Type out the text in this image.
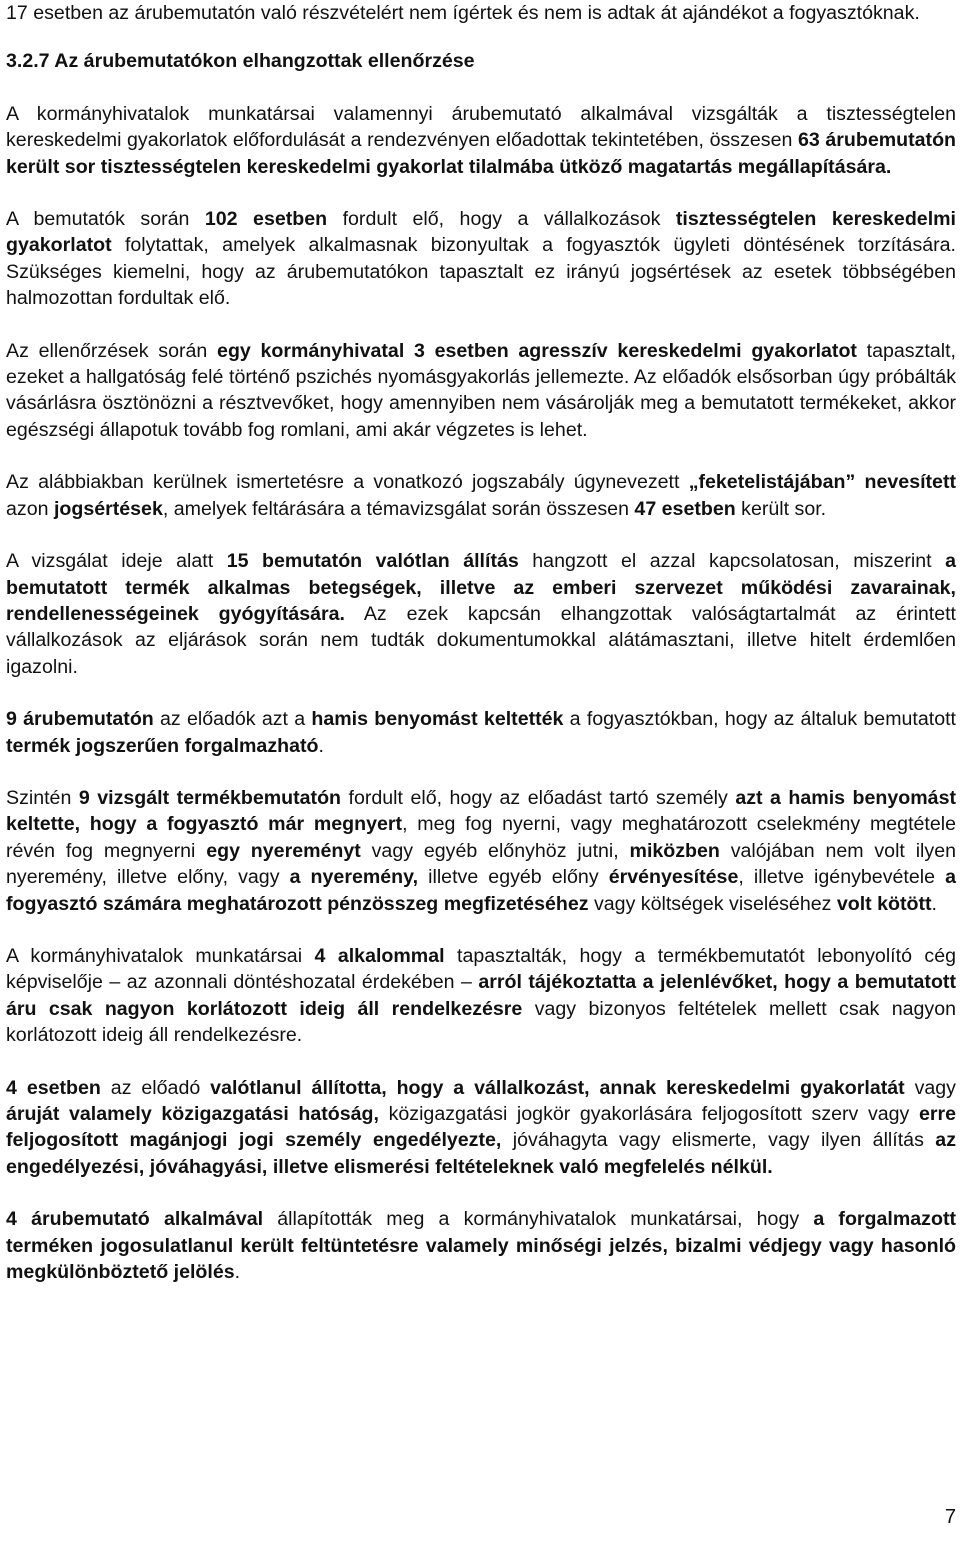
17 esetben az árubemutatón való részvételért nem ígértek és nem is adtak át ajándékot a fogyasztóknak.

3.2.7 Az árubemutatókon elhangzottak ellenőrzése

A kormányhivatalok munkatársai valamennyi árubemutató alkalmával vizsgálták a tisztességtelen kereskedelmi gyakorlatok előfordulását a rendezvényen előadottak tekintetében, összesen 63 árubemutatón került sor tisztességtelen kereskedelmi gyakorlat tilalmába ütköző magatartás megállapítására.

A bemutatók során 102 esetben fordult elő, hogy a vállalkozások tisztességtelen kereskedelmi gyakorlatot folytattak, amelyek alkalmasnak bizonyultak a fogyasztók ügyleti döntésének torzítására. Szükséges kiemelni, hogy az árubemutatókon tapasztalt ez irányú jogsértések az esetek többségében halmozottan fordultak elő.

Az ellenőrzések során egy kormányhivatal 3 esetben agresszív kereskedelmi gyakorlatot tapasztalt, ezeket a hallgatóság felé történő pszichés nyomásgyakorlás jellemezte. Az előadók elsősorban úgy próbálták vásárlásra ösztönözni a résztvevőket, hogy amennyiben nem vásárolják meg a bemutatott termékeket, akkor egészségi állapotuk tovább fog romlani, ami akár végzetes is lehet.

Az alábbiakban kerülnek ismertetésre a vonatkozó jogszabály úgynevezett „feketelistájában” nevesített azon jogsértések, amelyek feltárására a témavizsgálat során összesen 47 esetben került sor.

A vizsgálat ideje alatt 15 bemutatón valótlan állítás hangzott el azzal kapcsolatosan, miszerint a bemutatott termék alkalmas betegségek, illetve az emberi szervezet működési zavarainak, rendellenességeinek gyógyítására. Az ezek kapcsán elhangzottak valóságtartalmát az érintett vállalkozások az eljárások során nem tudták dokumentumokkal alátámasztani, illetve hitelt érdemlően igazolni.

9 árubemutatón az előadók azt a hamis benyomást keltették a fogyasztókban, hogy az általuk bemutatott termék jogszerűen forgalmazható.

Szintén 9 vizsgált termékbemutatón fordult elő, hogy az előadást tartó személy azt a hamis benyomást keltette, hogy a fogyasztó már megnyert, meg fog nyerni, vagy meghatározott cselekmény megtétele révén fog megnyerni egy nyereményt vagy egyéb előnyhöz jutni, miközben valójában nem volt ilyen nyeremény, illetve előny, vagy a nyeremény, illetve egyéb előny érvényesítése, illetve igénybevétele a fogyasztó számára meghatározott pénzösszeg megfizetéséhez vagy költségek viseléséhez volt kötött.

A kormányhivatalok munkatársai 4 alkalommal tapasztalták, hogy a termékbemutatót lebonyolító cég képviselője – az azonnali döntéshozatal érdekében – arról tájékoztatta a jelenlévőket, hogy a bemutatott áru csak nagyon korlátozott ideig áll rendelkezésre vagy bizonyos feltételek mellett csak nagyon korlátozott ideig áll rendelkezésre.

4 esetben az előadó valótlanul állította, hogy a vállalkozást, annak kereskedelmi gyakorlatát vagy áruját valamely közigazgatási hatóság, közigazgatási jogkör gyakorlására feljogosított szerv vagy erre feljogosított magánjogi jogi személy engedélyezte, jóváhagyta vagy elismerte, vagy ilyen állítás az engedélyezési, jóváhagyási, illetve elismerési feltételeknek való megfelelés nélkül.

4 árubemutató alkalmával állapították meg a kormányhivatalok munkatársai, hogy a forgalmazott terméken jogosulatlanul került feltüntetésre valamely minőségi jelzés, bizalmi védjegy vagy hasonló megkülönböztető jelölés.

7
